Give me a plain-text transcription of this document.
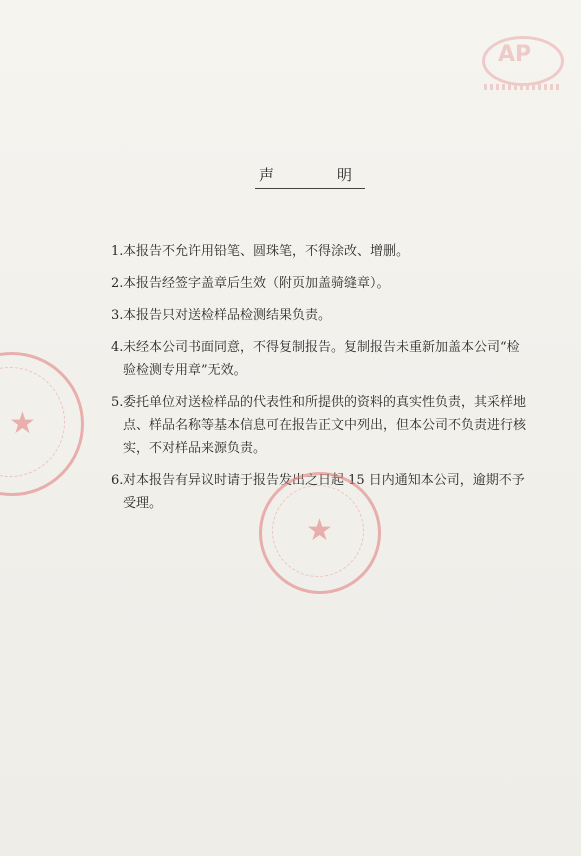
AP
声	明
1. 本报告不允许用铅笔、圆珠笔，不得涂改、增删。
2. 本报告经签字盖章后生效（附页加盖骑缝章）。
3. 本报告只对送检样品检测结果负责。
4. 未经本公司书面同意，不得复制报告。复制报告未重新加盖本公司“检验检测专用章”无效。
5. 委托单位对送检样品的代表性和所提供的资料的真实性负责，其采样地点、样品名称等基本信息可在报告正文中列出，但本公司不负责进行核实，不对样品来源负责。
6. 对本报告有异议时请于报告发出之日起 15 日内通知本公司，逾期不予受理。
★
★
